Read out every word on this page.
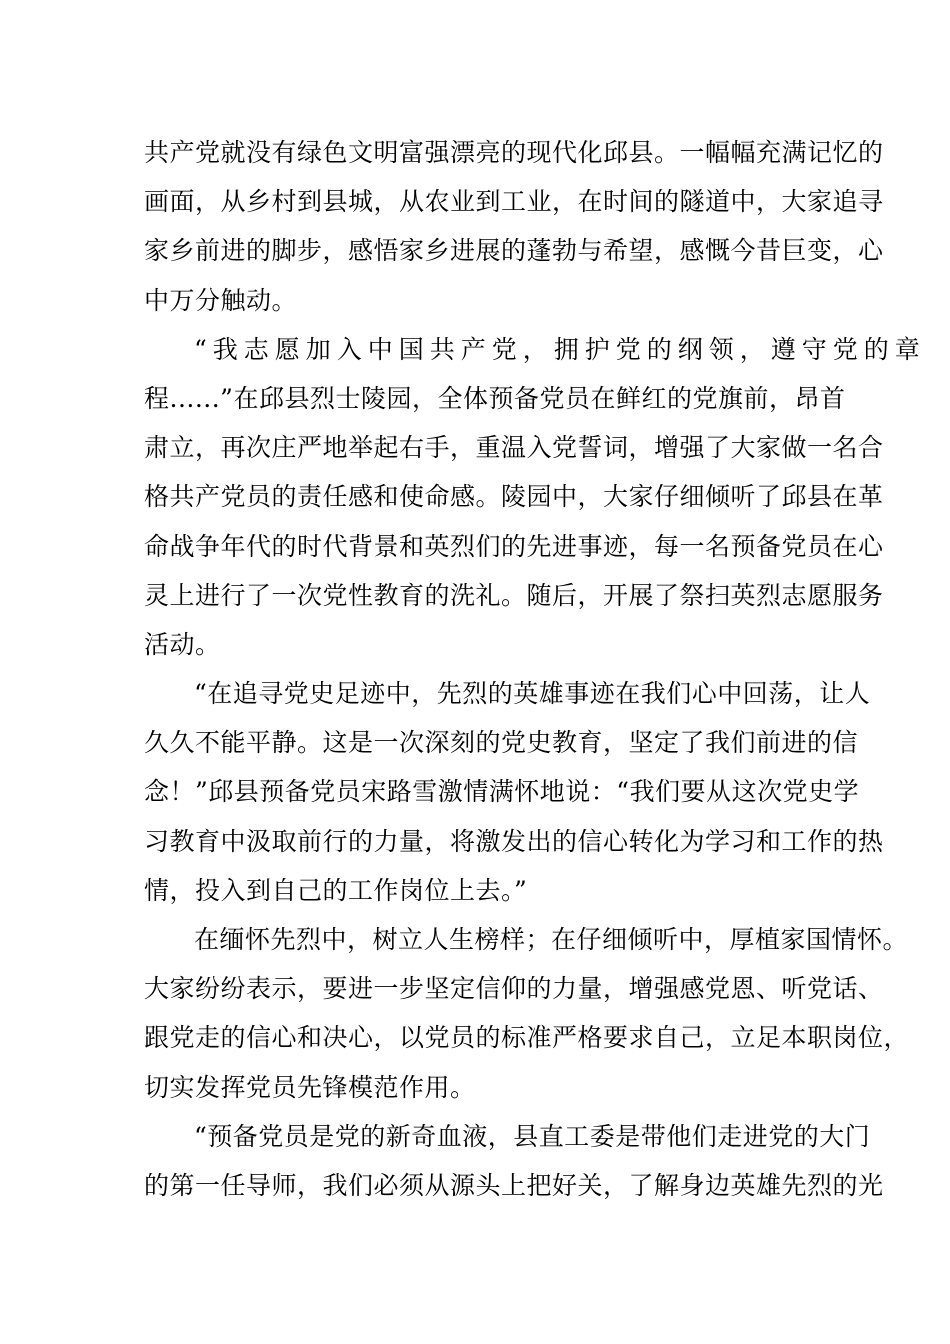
共产党就没有绿色文明富强漂亮的现代化邱县。一幅幅充满记忆的
画面，从乡村到县城，从农业到工业，在时间的隧道中，大家追寻
家乡前进的脚步，感悟家乡进展的蓬勃与希望，感慨今昔巨变，心
中万分触动。

“我志愿加入中国共产党，拥护党的纲领，遵守党的章
程......”在邱县烈士陵园，全体预备党员在鲜红的党旗前，昂首
肃立，再次庄严地举起右手，重温入党誓词，增强了大家做一名合
格共产党员的责任感和使命感。陵园中，大家仔细倾听了邱县在革
命战争年代的时代背景和英烈们的先进事迹，每一名预备党员在心
灵上进行了一次党性教育的洗礼。随后，开展了祭扫英烈志愿服务
活动。

“在追寻党史足迹中，先烈的英雄事迹在我们心中回荡，让人
久久不能平静。这是一次深刻的党史教育，坚定了我们前进的信
念！”邱县预备党员宋路雪激情满怀地说：“我们要从这次党史学
习教育中汲取前行的力量，将激发出的信心转化为学习和工作的热
情，投入到自己的工作岗位上去。”

在缅怀先烈中，树立人生榜样；在仔细倾听中，厚植家国情怀。
大家纷纷表示，要进一步坚定信仰的力量，增强感党恩、听党话、
跟党走的信心和决心，以党员的标准严格要求自己，立足本职岗位，
切实发挥党员先锋模范作用。

“预备党员是党的新奇血液，县直工委是带他们走进党的大门
的第一任导师，我们必须从源头上把好关，了解身边英雄先烈的光
